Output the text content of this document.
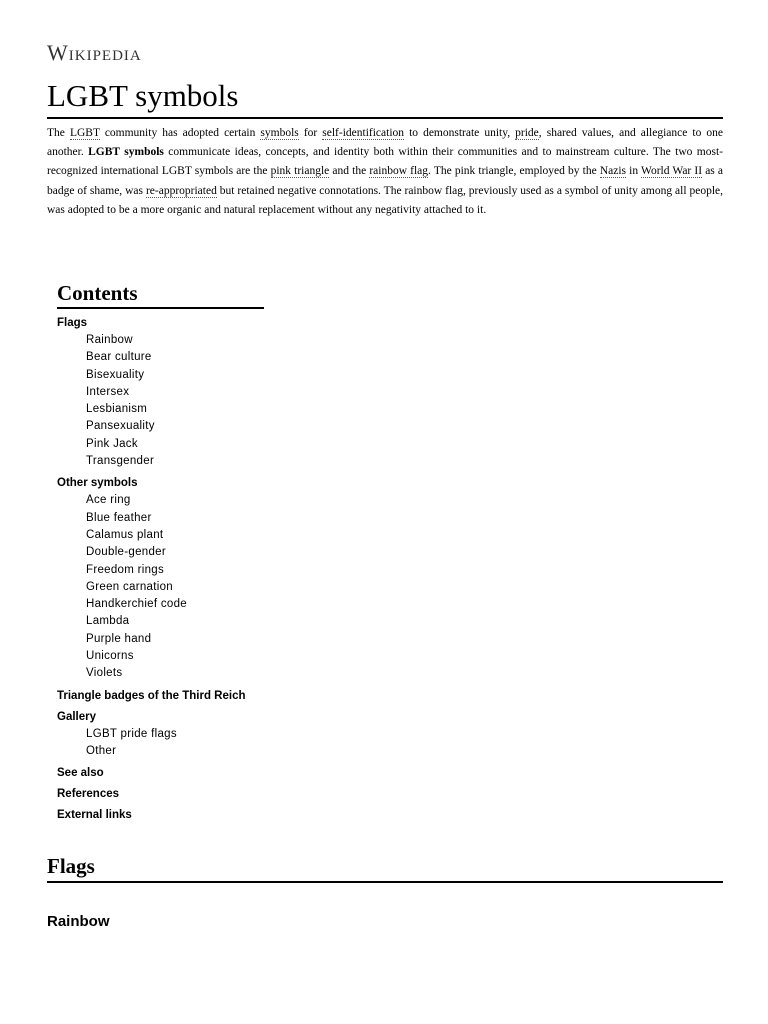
Wikipedia
LGBT symbols

The LGBT community has adopted certain symbols for self-identification to demonstrate unity, pride, shared values, and allegiance to one another. LGBT symbols communicate ideas, concepts, and identity both within their communities and to mainstream culture. The two most-recognized international LGBT symbols are the pink triangle and the rainbow flag. The pink triangle, employed by the Nazis in World War II as a badge of shame, was re-appropriated but retained negative connotations. The rainbow flag, previously used as a symbol of unity among all people, was adopted to be a more organic and natural replacement without any negativity attached to it.

Contents
Flags
Rainbow
Bear culture
Bisexuality
Intersex
Lesbianism
Pansexuality
Pink Jack
Transgender
Other symbols
Ace ring
Blue feather
Calamus plant
Double-gender
Freedom rings
Green carnation
Handkerchief code
Lambda
Purple hand
Unicorns
Violets
Triangle badges of the Third Reich
Gallery
LGBT pride flags
Other
See also
References
External links
Flags
Rainbow
